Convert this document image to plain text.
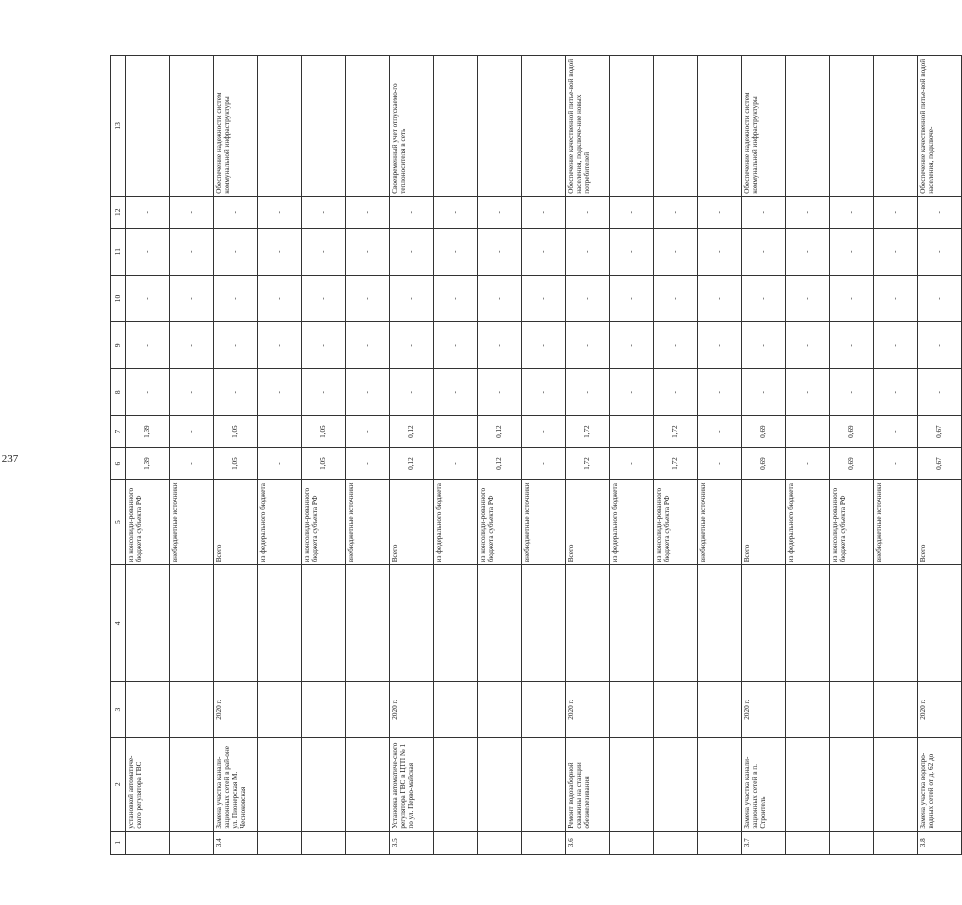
237
1	2	3	4	5	6	7	8	9	10	11	12	13
	установкой автоматиче-ского регулятора ГВС			из консолиди-рованного бюджета субъекта РФ	1,39	1,39	-	-	-	-	-	
				внебюджетные источники	-	-	-	-	-	-	-	
3.4	Замена участка канали-зационных сетей в рай-оне ул. Пионерская М. Чесноковская	2020 г.		Всего	1,05	1,05	-	-	-	-	-	Обеспечение надежности систем коммунальной инфраструктуры
				из федерального бюджета	-		-	-	-	-	-	
				из консолиди-рованного бюджета субъекта РФ	1,05	1,05	-	-	-	-	-	
				внебюджетные источники	-	-	-	-	-	-	-	
3.5	Установка автоматиче-ского регулятора ГВС в ЦТП № 1 по ул. Перво-майская	2020 г.		Всего	0,12	0,12	-	-	-	-	-	Своевременный учет отпускаемо-го теплоносителя в сеть
				из федерального бюджета	-		-	-	-	-	-	
				из консолиди-рованного бюджета субъекта РФ	0,12	0,12	-	-	-	-	-	
				внебюджетные источники	-	-	-	-	-	-	-	
3.6	Ремонт водозаборной скважины на станции обезжелезивания	2020 г.		Всего	1,72	1,72	-	-	-	-	-	Обеспечение качественной питье-вой водой населения, подключе-ние новых потребителей
				из федерального бюджета	-		-	-	-	-	-	
				из консолиди-рованного бюджета субъекта РФ	1,72	1,72	-	-	-	-	-	
				внебюджетные источники	-	-	-	-	-	-	-	
3.7	Замена участка канали-зационных сетей в п. Строитель	2020 г.		Всего	0,69	0,69	-	-	-	-	-	Обеспечение надежности систем коммунальной инфраструктуры
				из федерального бюджета	-		-	-	-	-	-	
				из консолиди-рованного бюджета субъекта РФ	0,69	0,69	-	-	-	-	-	
				внебюджетные источники	-	-	-	-	-	-	-	
3.8	Замена участка водопро-водных сетей от д. 62 до	2020 г.		Всего	0,67	0,67	-	-	-	-	-	Обеспечение качественной питье-вой водой населения, подключе-
